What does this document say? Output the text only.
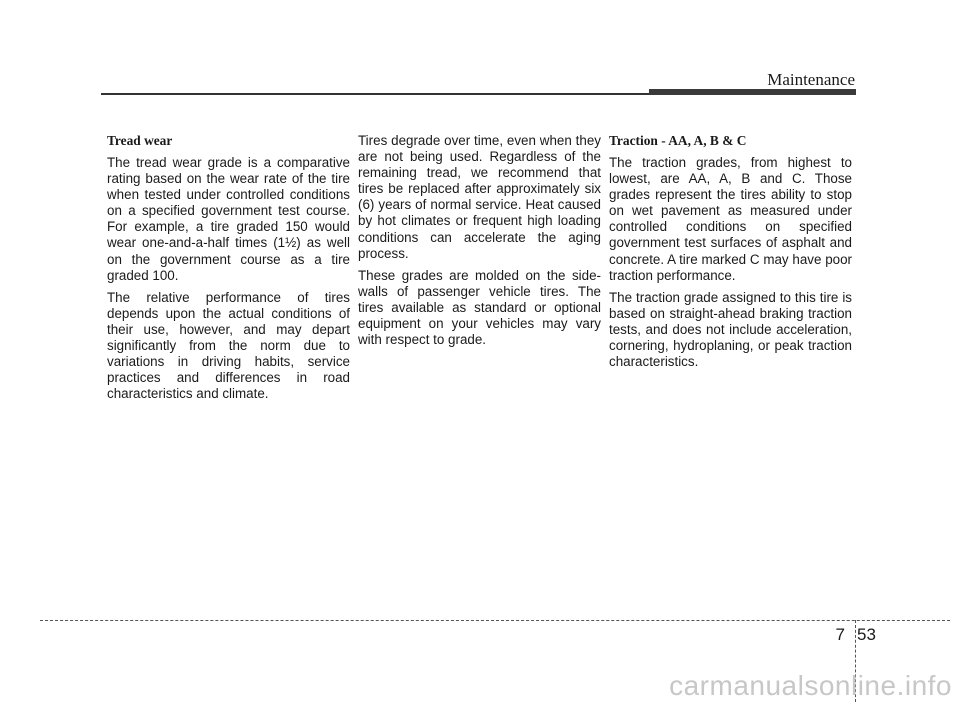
Maintenance
Tread wear
The tread wear grade is a comparative rating based on the wear rate of the tire when tested under controlled conditions on a specified government test course. For example, a tire graded 150 would wear one-and-a-half times (1½) as well on the government course as a tire graded 100.
The relative performance of tires depends upon the actual conditions of their use, however, and may depart significantly from the norm due to variations in driving habits, service practices and differences in road characteristics and climate.
Tires degrade over time, even when they are not being used. Regardless of the remaining tread, we recommend that tires be replaced after approximately six (6) years of normal service. Heat caused by hot climates or frequent high loading conditions can accelerate the aging process.
These grades are molded on the side-walls of passenger vehicle tires. The tires available as standard or optional equipment on your vehicles may vary with respect to grade.
Traction - AA, A, B & C
The traction grades, from highest to lowest, are AA, A, B and C. Those grades represent the tires ability to stop on wet pavement as measured under controlled conditions on specified government test surfaces of asphalt and concrete. A tire marked C may have poor traction performance.
The traction grade assigned to this tire is based on straight-ahead braking traction tests, and does not include acceleration, cornering, hydroplaning, or peak traction characteristics.
7 53
carmanualsonline.info
